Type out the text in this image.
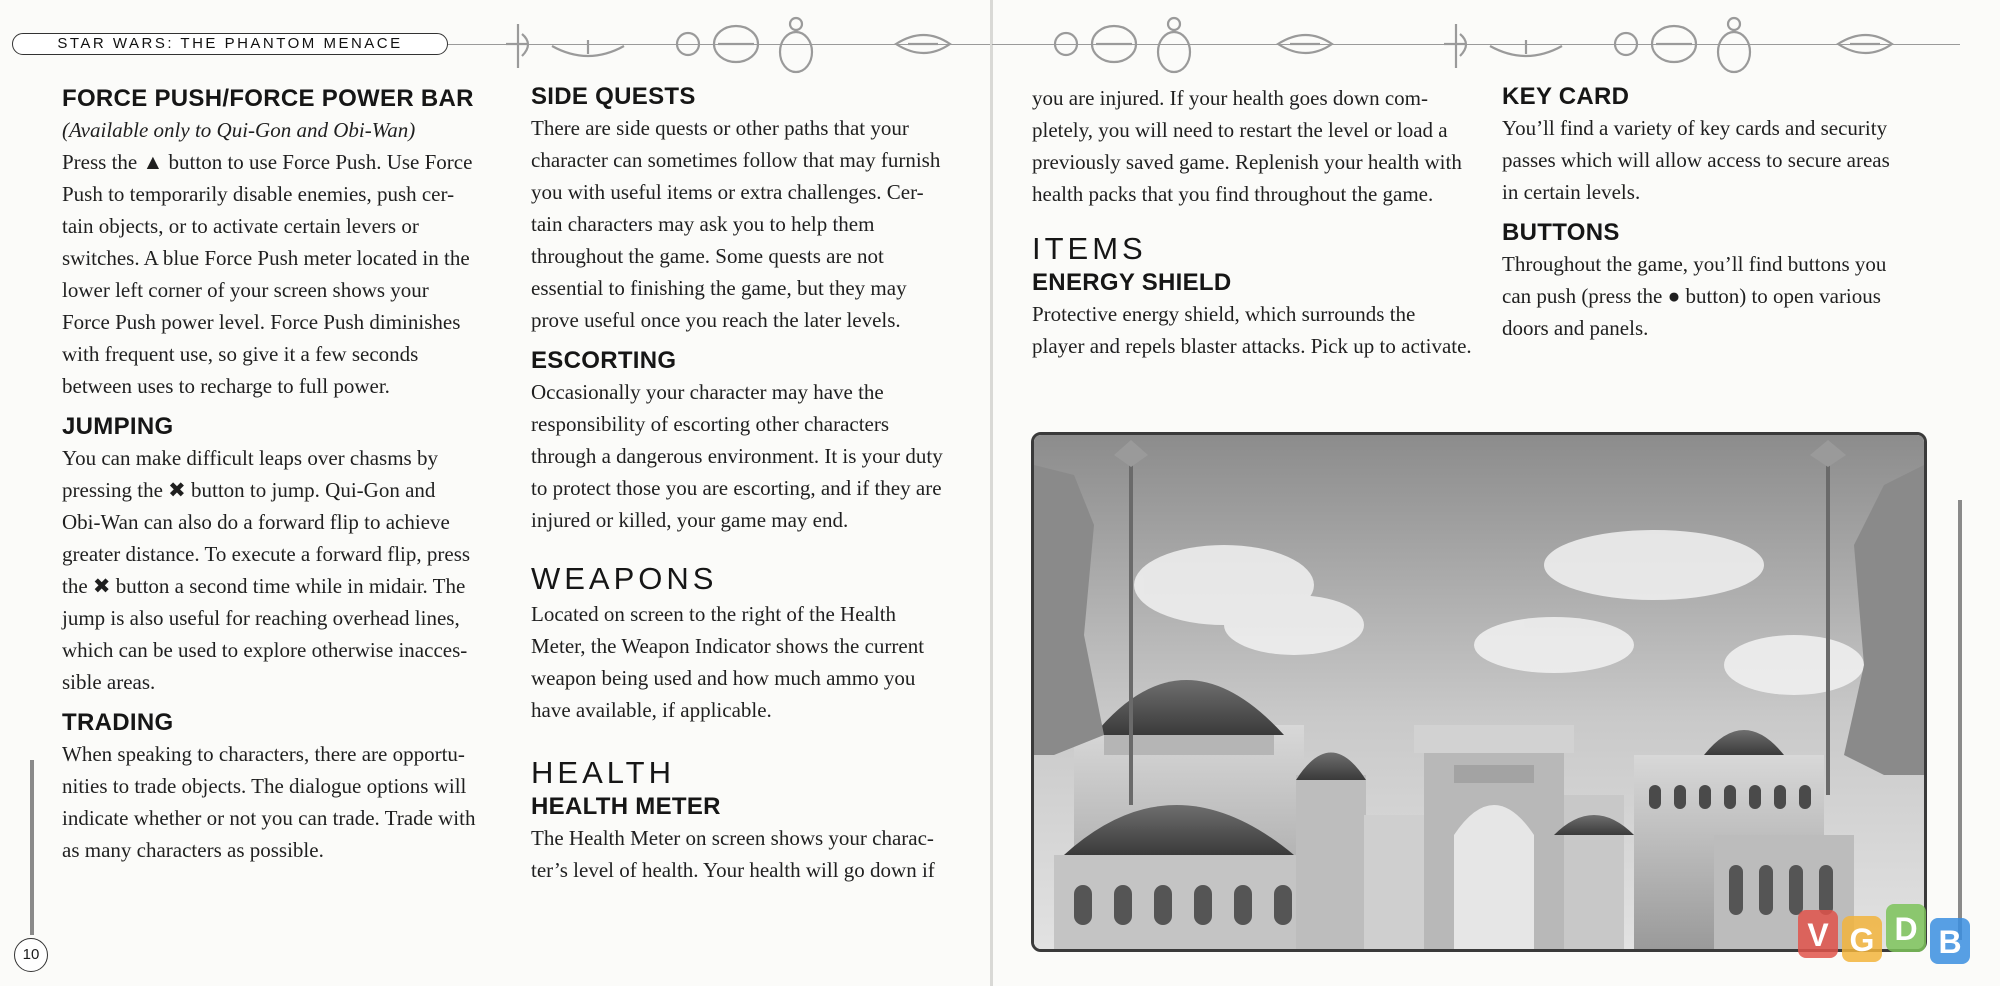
STAR WARS: THE PHANTOM MENACE
10
FORCE PUSH/FORCE POWER BAR

(Available only to Qui-Gon and Obi-Wan)

Press the ▲ button to use Force Push. Use Force

Push to temporarily disable enemies, push cer-

tain objects, or to activate certain levers or

switches. A blue Force Push meter located in the

lower left corner of your screen shows your

Force Push power level. Force Push diminishes

with frequent use, so give it a few seconds

between uses to recharge to full power.

JUMPING

You can make difficult leaps over chasms by

pressing the ✖ button to jump. Qui-Gon and

Obi-Wan can also do a forward flip to achieve

greater distance. To execute a forward flip, press

the ✖ button a second time while in midair. The

jump is also useful for reaching overhead lines,

which can be used to explore otherwise inacces-

sible areas.

TRADING

When speaking to characters, there are opportu-

nities to trade objects. The dialogue options will

indicate whether or not you can trade. Trade with

as many characters as possible.

SIDE QUESTS

There are side quests or other paths that your

character can sometimes follow that may furnish

you with useful items or extra challenges. Cer-

tain characters may ask you to help them

throughout the game. Some quests are not

essential to finishing the game, but they may

prove useful once you reach the later levels.

ESCORTING

Occasionally your character may have the

responsibility of escorting other characters

through a dangerous environment. It is your duty

to protect those you are escorting, and if they are

injured or killed, your game may end.

WEAPONS

Located on screen to the right of the Health

Meter, the Weapon Indicator shows the current

weapon being used and how much ammo you

have available, if applicable.

HEALTH
HEALTH METER

The Health Meter on screen shows your charac-

ter’s level of health. Your health will go down if

you are injured. If your health goes down com-

pletely, you will need to restart the level or load a

previously saved game. Replenish your health with

health packs that you find throughout the game.

ITEMS
ENERGY SHIELD

Protective energy shield, which surrounds the

player and repels blaster attacks. Pick up to activate.

KEY CARD

You’ll find a variety of key cards and security

passes which will allow access to secure areas

in certain levels.

BUTTONS

Throughout the game, you’ll find buttons you

can push (press the ● button) to open various

doors and panels.

V G D B
